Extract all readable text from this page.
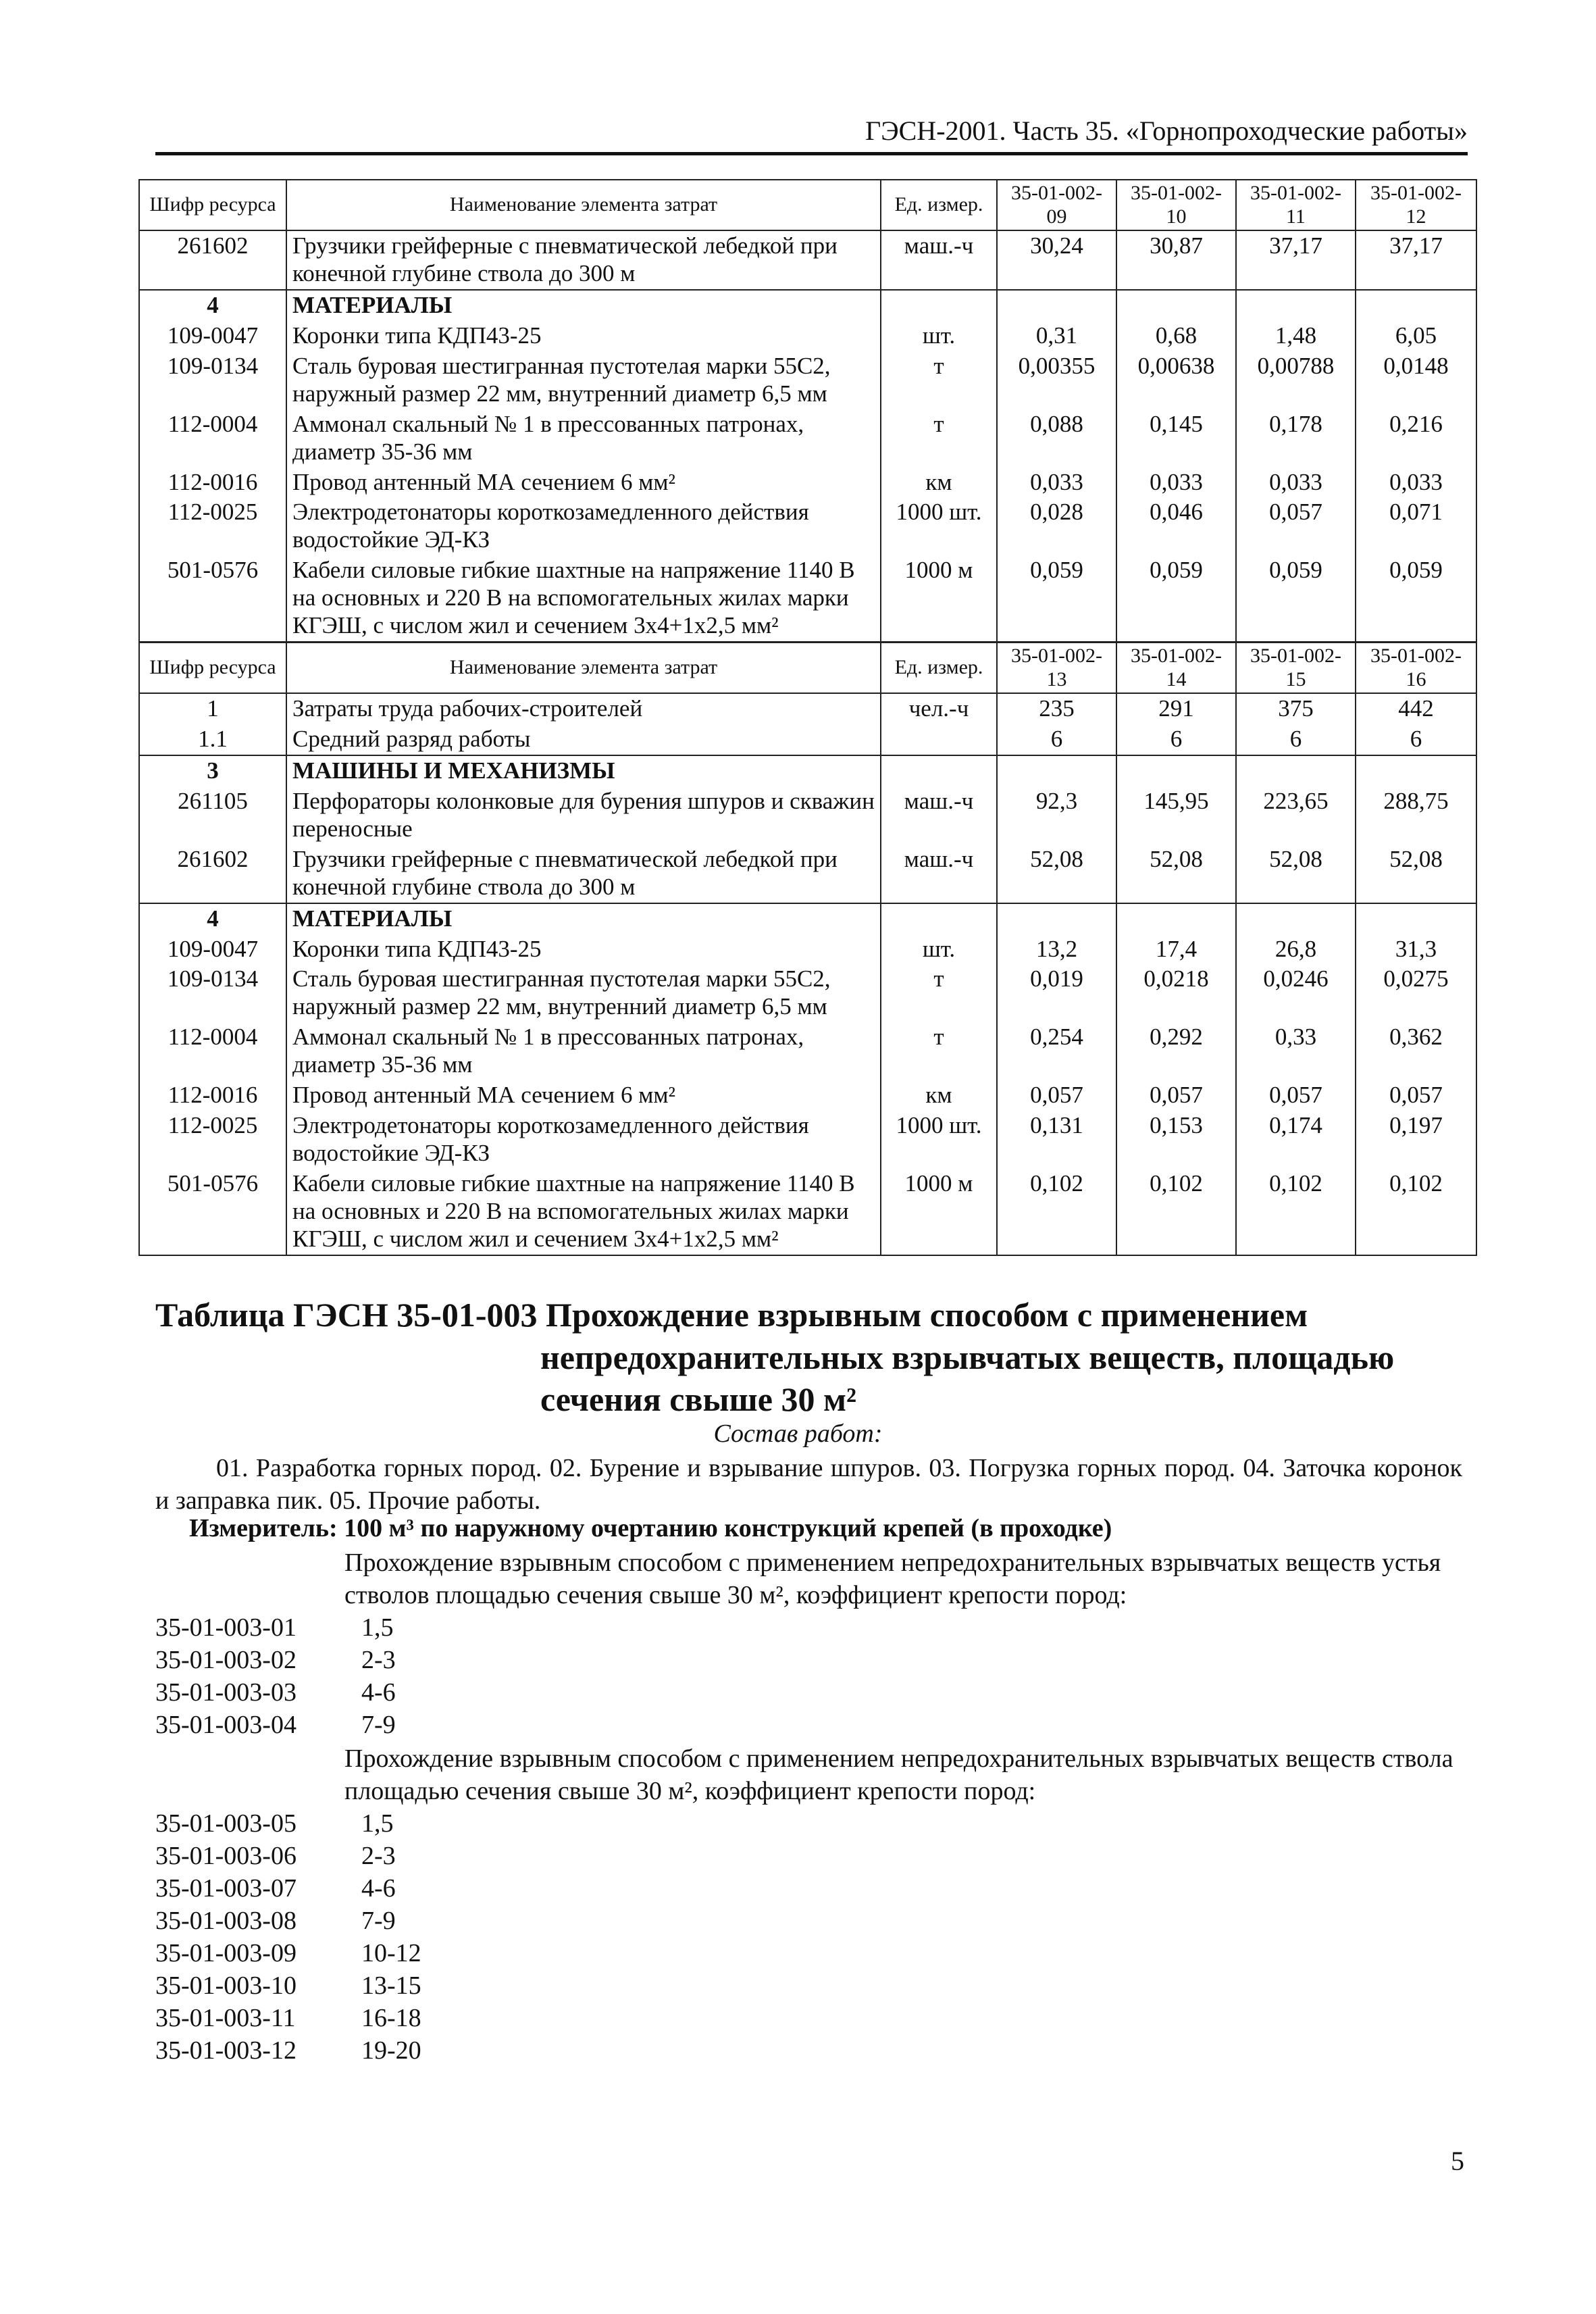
ГЭСН-2001. Часть 35. «Горнопроходческие работы»
Шифр ресурса	Наименование элемента затрат	Ед. измер.	35-01-002-09	35-01-002-10	35-01-002-11	35-01-002-12
261602	Грузчики грейферные с пневматической лебедкой при конечной глубине ствола до 300 м	маш.-ч	30,24	30,87	37,17	37,17
4	МАТЕРИАЛЫ					
109-0047	Коронки типа КДП43-25	шт.	0,31	0,68	1,48	6,05
109-0134	Сталь буровая шестигранная пустотелая марки 55С2, наружный размер 22 мм, внутренний диаметр 6,5 мм	т	0,00355	0,00638	0,00788	0,0148
112-0004	Аммонал скальный № 1 в прессованных патронах, диаметр 35-36 мм	т	0,088	0,145	0,178	0,216
112-0016	Провод антенный МА сечением 6 мм²	км	0,033	0,033	0,033	0,033
112-0025	Электродетонаторы короткозамедленного действия водостойкие ЭД-КЗ	1000 шт.	0,028	0,046	0,057	0,071
501-0576	Кабели силовые гибкие шахтные на напряжение 1140 В на основных и 220 В на вспомогательных жилах марки КГЭШ, с числом жил и сечением 3х4+1х2,5 мм²	1000 м	0,059	0,059	0,059	0,059
Шифр ресурса	Наименование элемента затрат	Ед. измер.	35-01-002-13	35-01-002-14	35-01-002-15	35-01-002-16
1	Затраты труда рабочих-строителей	чел.-ч	235	291	375	442
1.1	Средний разряд работы		6	6	6	6
3	МАШИНЫ И МЕХАНИЗМЫ					
261105	Перфораторы колонковые для бурения шпуров и скважин переносные	маш.-ч	92,3	145,95	223,65	288,75
261602	Грузчики грейферные с пневматической лебедкой при конечной глубине ствола до 300 м	маш.-ч	52,08	52,08	52,08	52,08
4	МАТЕРИАЛЫ					
109-0047	Коронки типа КДП43-25	шт.	13,2	17,4	26,8	31,3
109-0134	Сталь буровая шестигранная пустотелая марки 55С2, наружный размер 22 мм, внутренний диаметр 6,5 мм	т	0,019	0,0218	0,0246	0,0275
112-0004	Аммонал скальный № 1 в прессованных патронах, диаметр 35-36 мм	т	0,254	0,292	0,33	0,362
112-0016	Провод антенный МА сечением 6 мм²	км	0,057	0,057	0,057	0,057
112-0025	Электродетонаторы короткозамедленного действия водостойкие ЭД-КЗ	1000 шт.	0,131	0,153	0,174	0,197
501-0576	Кабели силовые гибкие шахтные на напряжение 1140 В на основных и 220 В на вспомогательных жилах марки КГЭШ, с числом жил и сечением 3х4+1х2,5 мм²	1000 м	0,102	0,102	0,102	0,102
Таблица ГЭСН 35-01-003 Прохождение взрывным способом с применением
непредохранительных взрывчатых веществ, площадью
сечения свыше 30 м²
Состав работ:
01. Разработка горных пород. 02. Бурение и взрывание шпуров. 03. Погрузка горных пород. 04. Заточка коронок и заправка пик. 05. Прочие работы.
Измеритель: 100 м³ по наружному очертанию конструкций крепей (в проходке)
Прохождение взрывным способом с применением непредохранительных взрывчатых веществ устья стволов площадью сечения свыше 30 м², коэффициент крепости пород:
35-01-003-01	1,5
35-01-003-02	2-3
35-01-003-03	4-6
35-01-003-04	7-9
Прохождение взрывным способом с применением непредохранительных взрывчатых веществ ствола площадью сечения свыше 30 м², коэффициент крепости пород:
35-01-003-05	1,5
35-01-003-06	2-3
35-01-003-07	4-6
35-01-003-08	7-9
35-01-003-09	10-12
35-01-003-10	13-15
35-01-003-11	16-18
35-01-003-12	19-20
5
